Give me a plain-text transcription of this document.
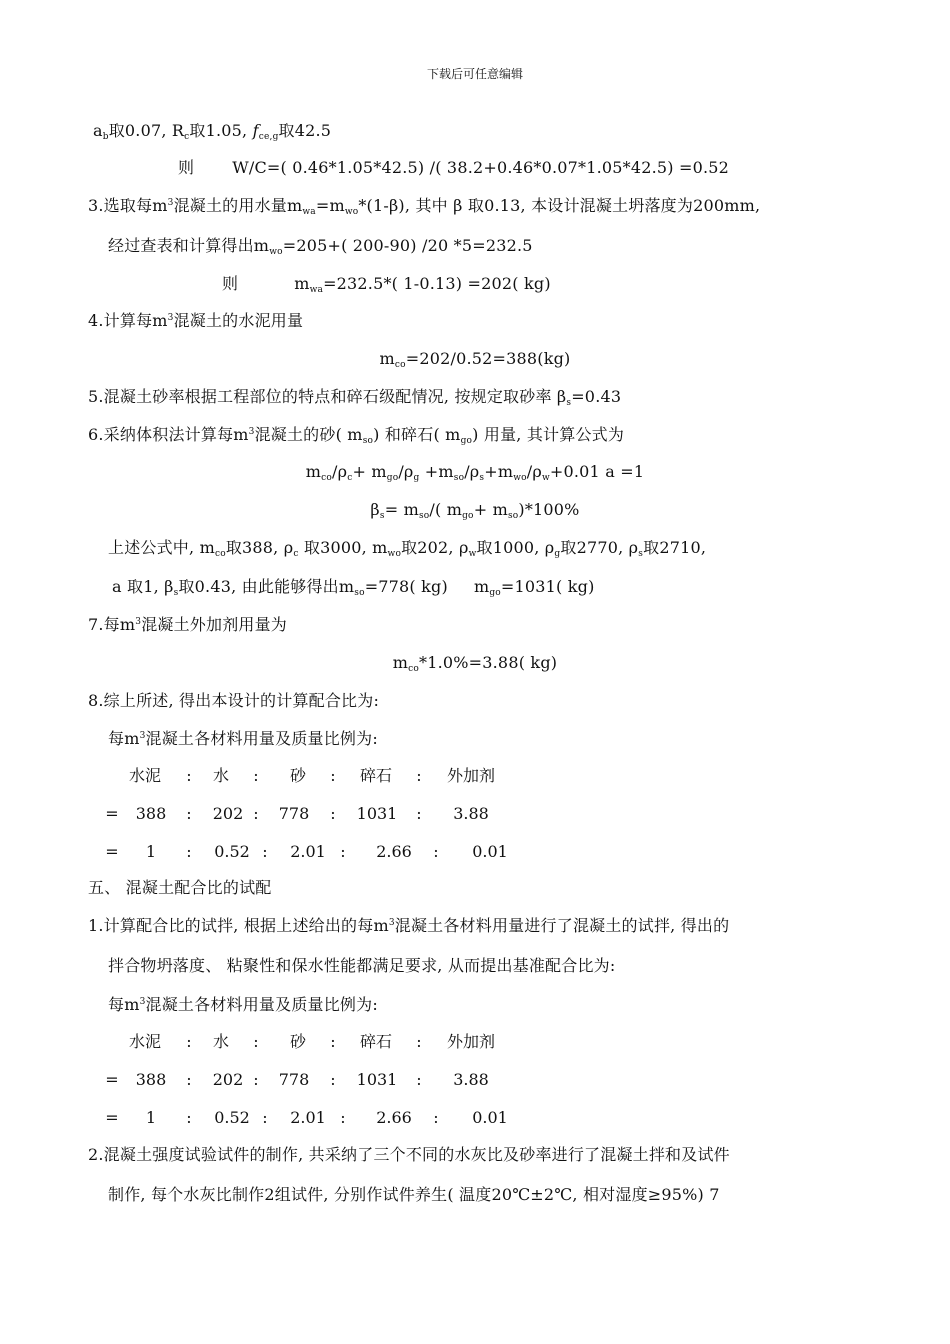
下载后可任意编辑
$a_b$取0.07, $R_c$取1.05, $f_{ce,g}$取42.5
则 W/C=( 0.46*1.05*42.5) /( 38.2+0.46*0.07*1.05*42.5) =0.52
3.选取每$m^3$混凝土的用水量$m_{wa}=m_{wo}*(1-\beta)$, 其中 β 取0.13, 本设计混凝土坍落度为200mm,
经过查表和计算得出$m_{wo}=205+$( 200-90) /20 *5=232.5
则	$m_{wa}=232.5*$( 1-0.13) =202( kg)
4.计算每$m^3$混凝土的水泥用量
$m_{co}=202/0.52=388(kg)$
5.混凝土砂率根据工程部位的特点和碎石级配情况, 按规定取砂率 $\beta_s=0.43$
6.采纳体积法计算每$m^3$混凝土的砂( $m_{so}$) 和碎石( $m_{go}$) 用量, 其计算公式为
$m_{co}/\rho_c+ m_{go}/\rho_g +m_{so}/\rho_s+m_{wo}/\rho_w+0.01$ a =1
$\beta_s= m_{so}/$( $m_{go}+ m_{so})*100\%$
上述公式中, $m_{co}$取388, $\rho_c$ 取3000, $m_{wo}$取202, $\rho_w$取1000, $\rho_g$取2770, $\rho_s$取2710,
a 取1, $\beta_s$取0.43, 由此能够得出$m_{so}=778$( kg) $m_{go}=1031$( kg)
7.每$m^3$混凝土外加剂用量为
$m_{co}*1.0\%=3.88$( kg)
8.综上所述, 得出本设计的计算配合比为:
每$m^3$混凝土各材料用量及质量比例为:
水泥 : 水 : 砂 : 碎石 : 外加剂
= 388 : 202 : 778 : 1031 : 3.88
= 1 : 0.52 : 2.01 : 2.66 : 0.01
五、 混凝土配合比的试配
1.计算配合比的试拌, 根据上述给出的每$m^3$混凝土各材料用量进行了混凝土的试拌, 得出的
拌合物坍落度、 粘聚性和保水性能都满足要求, 从而提出基准配合比为:
每$m^3$混凝土各材料用量及质量比例为:
水泥 : 水 : 砂 : 碎石 : 外加剂
= 388 : 202 : 778 : 1031 : 3.88
= 1 : 0.52 : 2.01 : 2.66 : 0.01
2.混凝土强度试验试件的制作, 共采纳了三个不同的水灰比及砂率进行了混凝土拌和及试件
制作, 每个水灰比制作2组试件, 分别作试件养生( 温度20℃±2℃, 相对湿度≥95%) 7
